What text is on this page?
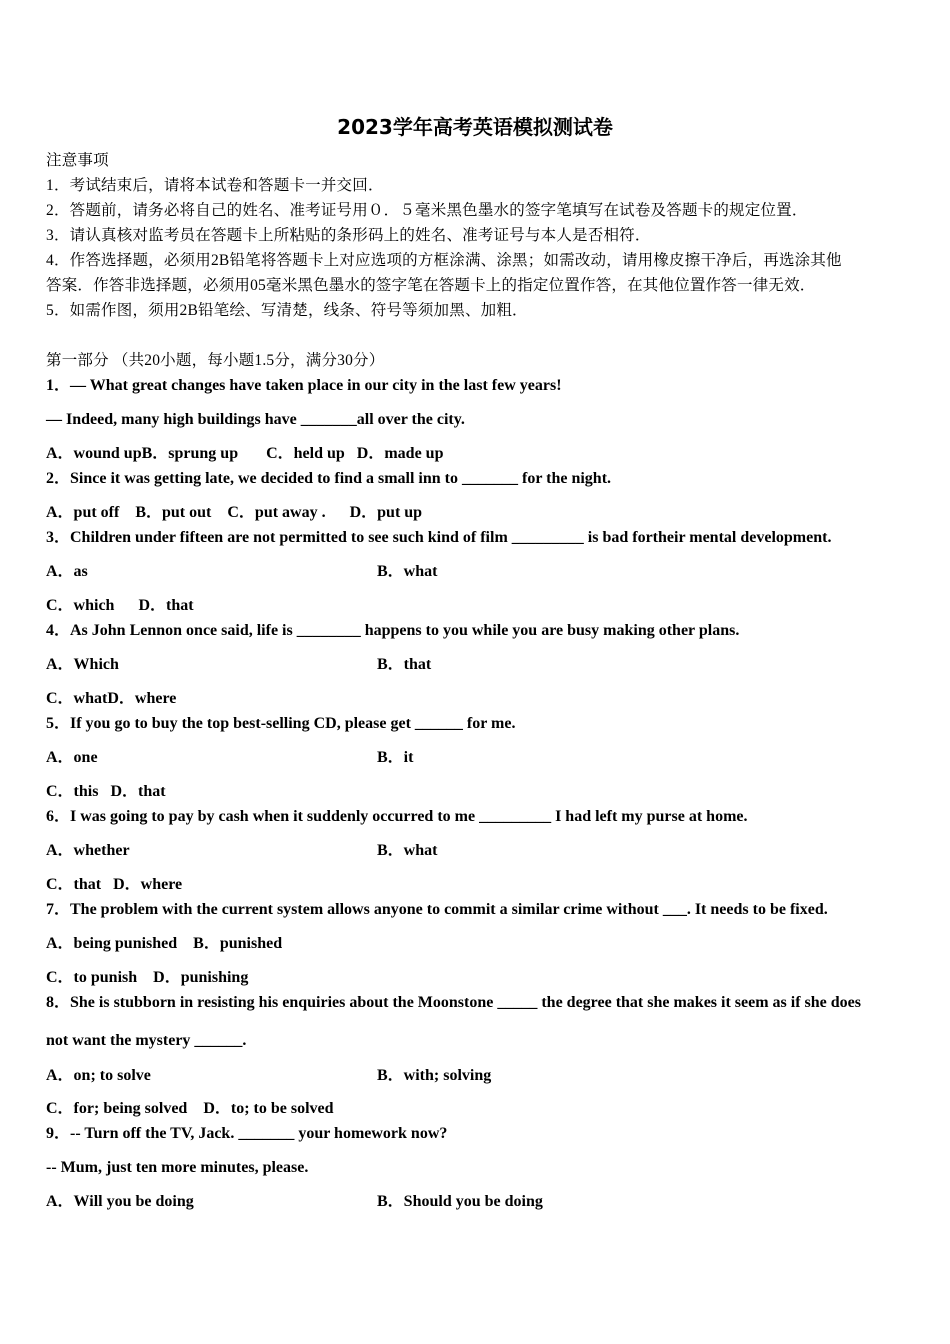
2023学年高考英语模拟测试卷
注意事项
1．考试结束后，请将本试卷和答题卡一并交回．
2．答题前，请务必将自己的姓名、准考证号用０．５毫米黑色墨水的签字笔填写在试卷及答题卡的规定位置．
3．请认真核对监考员在答题卡上所粘贴的条形码上的姓名、准考证号与本人是否相符．
4．作答选择题，必须用2B铅笔将答题卡上对应选项的方框涂满、涂黑；如需改动，请用橡皮擦干净后，再选涂其他
答案．作答非选择题，必须用05毫米黑色墨水的签字笔在答题卡上的指定位置作答，在其他位置作答一律无效．
5．如需作图，须用2B铅笔绘、写清楚，线条、符号等须加黑、加粗．
第一部分 （共20小题，每小题1.5分，满分30分）
1．— What great changes have taken place in our city in the last few years!
— Indeed, many high buildings have _______all over the city.
A．wound upB．sprung up       C．held up   D．made up
2．Since it was getting late, we decided to find a small inn to _______ for the night.
A．put off    B．put out    C．put away .      D．put up
3．Children under fifteen are not permitted to see such kind of film _________ is bad fortheir mental development.
A．as	B．what
C．which      D．that
4．As John Lennon once said, life is ________ happens to you while you are busy making other plans.
A．Which	B．that
C．whatD．where
5．If you go to buy the top best-selling CD, please get ______ for me.
A．one	B．it
C．this   D．that
6．I was going to pay by cash when it suddenly occurred to me _________ I had left my purse at home.
A．whether	B．what
C．that   D．where
7．The problem with the current system allows anyone to commit a similar crime without ___. It needs to be fixed.
A．being punished    B．punished
C．to punish    D．punishing
8．She is stubborn in resisting his enquiries about the Moonstone _____ the degree that she makes it seem as if she does
not want the mystery ______.
A．on; to solve	B．with; solving
C．for; being solved    D．to; to be solved
9．-- Turn off the TV, Jack. _______ your homework now?
-- Mum, just ten more minutes, please.
A．Will you be doing	B．Should you be doing
